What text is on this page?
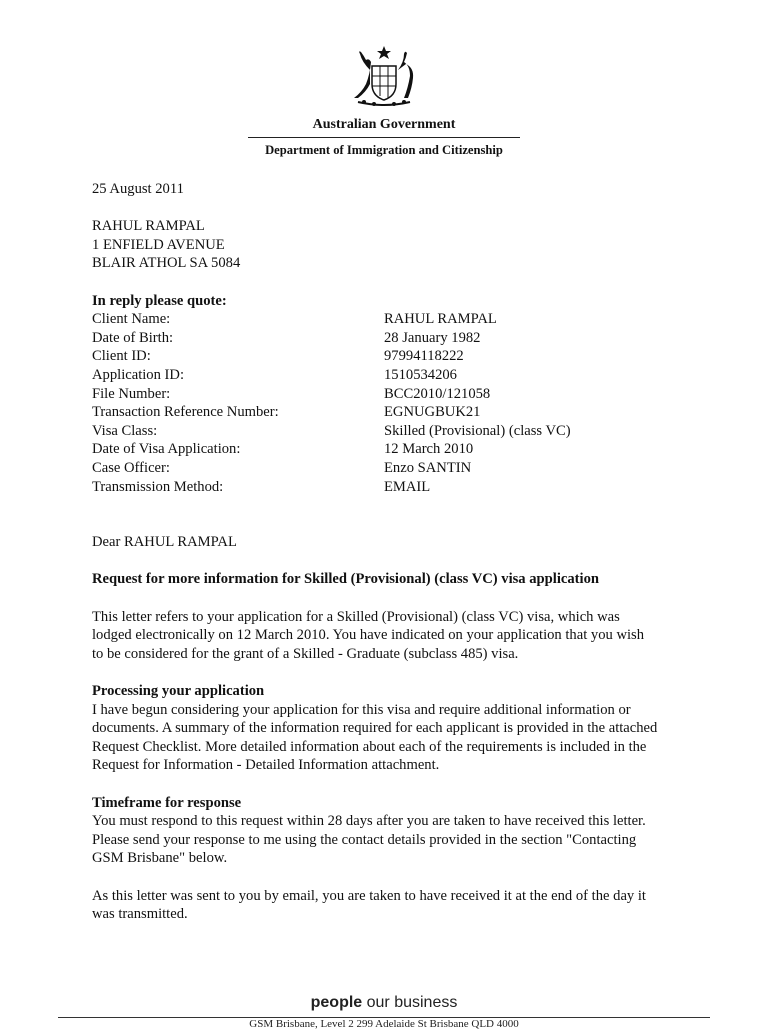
Australian Government
Department of Immigration and Citizenship
25 August 2011
RAHUL RAMPAL
1 ENFIELD AVENUE
BLAIR ATHOL SA 5084
In reply please quote:
Client Name:	RAHUL RAMPAL
Date of Birth:	28 January 1982
Client ID:	97994118222
Application ID:	1510534206
File Number:	BCC2010/121058
Transaction Reference Number:	EGNUGBUK21
Visa Class:	Skilled (Provisional) (class VC)
Date of Visa Application:	12 March 2010
Case Officer:	Enzo SANTIN
Transmission Method:	EMAIL
Dear RAHUL RAMPAL
Request for more information for Skilled (Provisional) (class VC) visa application
This letter refers to your application for a Skilled (Provisional) (class VC) visa, which was
lodged electronically on 12 March 2010. You have indicated on your application that you wish
to be considered for the grant of a Skilled - Graduate (subclass 485) visa.
Processing your application
I have begun considering your application for this visa and require additional information or
documents. A summary of the information required for each applicant is provided in the attached
Request Checklist. More detailed information about each of the requirements is included in the
Request for Information - Detailed Information attachment.
Timeframe for response
You must respond to this request within 28 days after you are taken to have received this letter.
Please send your response to me using the contact details provided in the section "Contacting
GSM Brisbane" below.
As this letter was sent to you by email, you are taken to have received it at the end of the day it
was transmitted.
people our business
GSM Brisbane, Level 2 299 Adelaide St Brisbane QLD 4000
